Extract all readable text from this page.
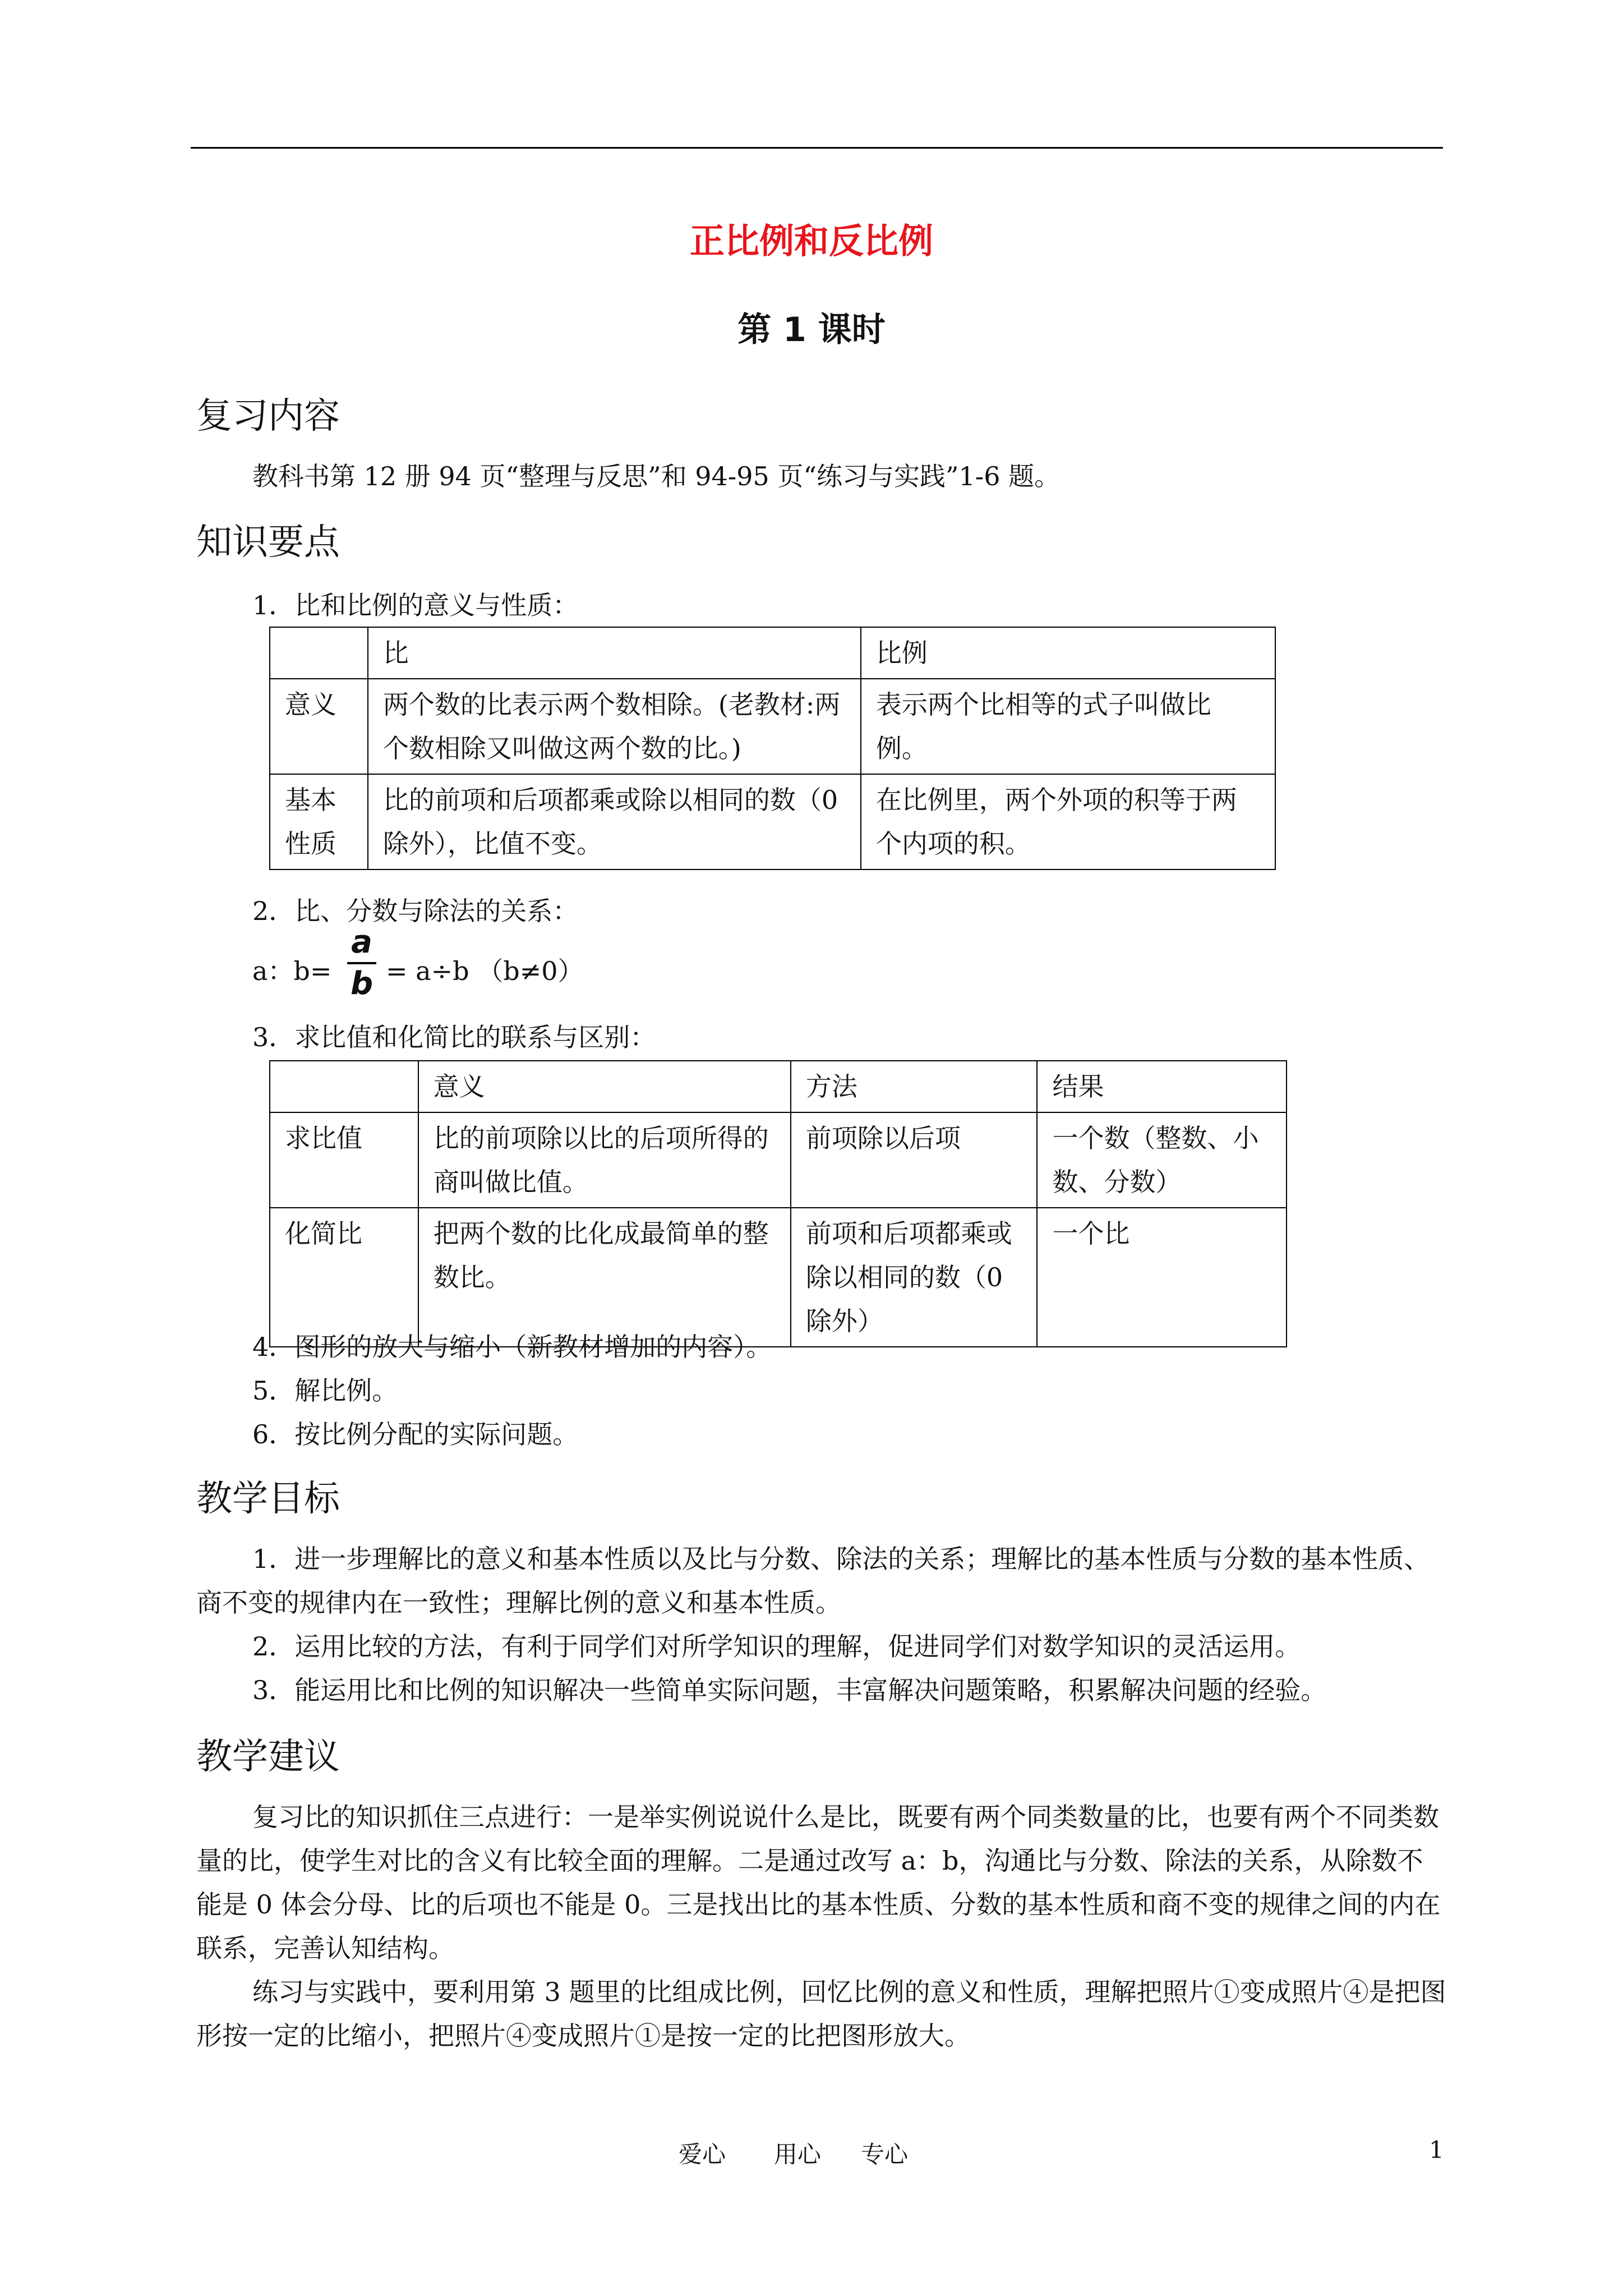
正比例和反比例
第 1 课时
复习内容
教科书第 12 册 94 页“整理与反思”和 94-95 页“练习与实践”1-6 题。
知识要点
1．比和比例的意义与性质：
	比	比例
意义	两个数的比表示两个数相除。(老教材:两个数相除又叫做这两个数的比。)	表示两个比相等的式子叫做比例。
基本性质	比的前项和后项都乘或除以相同的数（0 除外），比值不变。	在比例里，两个外项的积等于两个内项的积。
2．比、分数与除法的关系：
a：b=
a
b = a÷b （b≠0）
3．求比值和化简比的联系与区别：
	意义	方法	结果
求比值	比的前项除以比的后项所得的商叫做比值。	前项除以后项	一个数（整数、小数、分数）
化简比	把两个数的比化成最简单的整数比。	前项和后项都乘或除以相同的数（0 除外）	一个比
4．图形的放大与缩小（新教材增加的内容）。
5．解比例。
6．按比例分配的实际问题。
教学目标
1．进一步理解比的意义和基本性质以及比与分数、除法的关系；理解比的基本性质与分数的基本性质、商不变的规律内在一致性；理解比例的意义和基本性质。
2．运用比较的方法，有利于同学们对所学知识的理解，促进同学们对数学知识的灵活运用。
3．能运用比和比例的知识解决一些简单实际问题，丰富解决问题策略，积累解决问题的经验。
教学建议
复习比的知识抓住三点进行：一是举实例说说什么是比，既要有两个同类数量的比，也要有两个不同类数量的比，使学生对比的含义有比较全面的理解。二是通过改写 a：b，沟通比与分数、除法的关系，从除数不能是 0 体会分母、比的后项也不能是 0。三是找出比的基本性质、分数的基本性质和商不变的规律之间的内在联系，完善认知结构。
练习与实践中，要利用第 3 题里的比组成比例，回忆比例的意义和性质，理解把照片①变成照片④是把图形按一定的比缩小，把照片④变成照片①是按一定的比把图形放大。
爱心 用心 专心	1
